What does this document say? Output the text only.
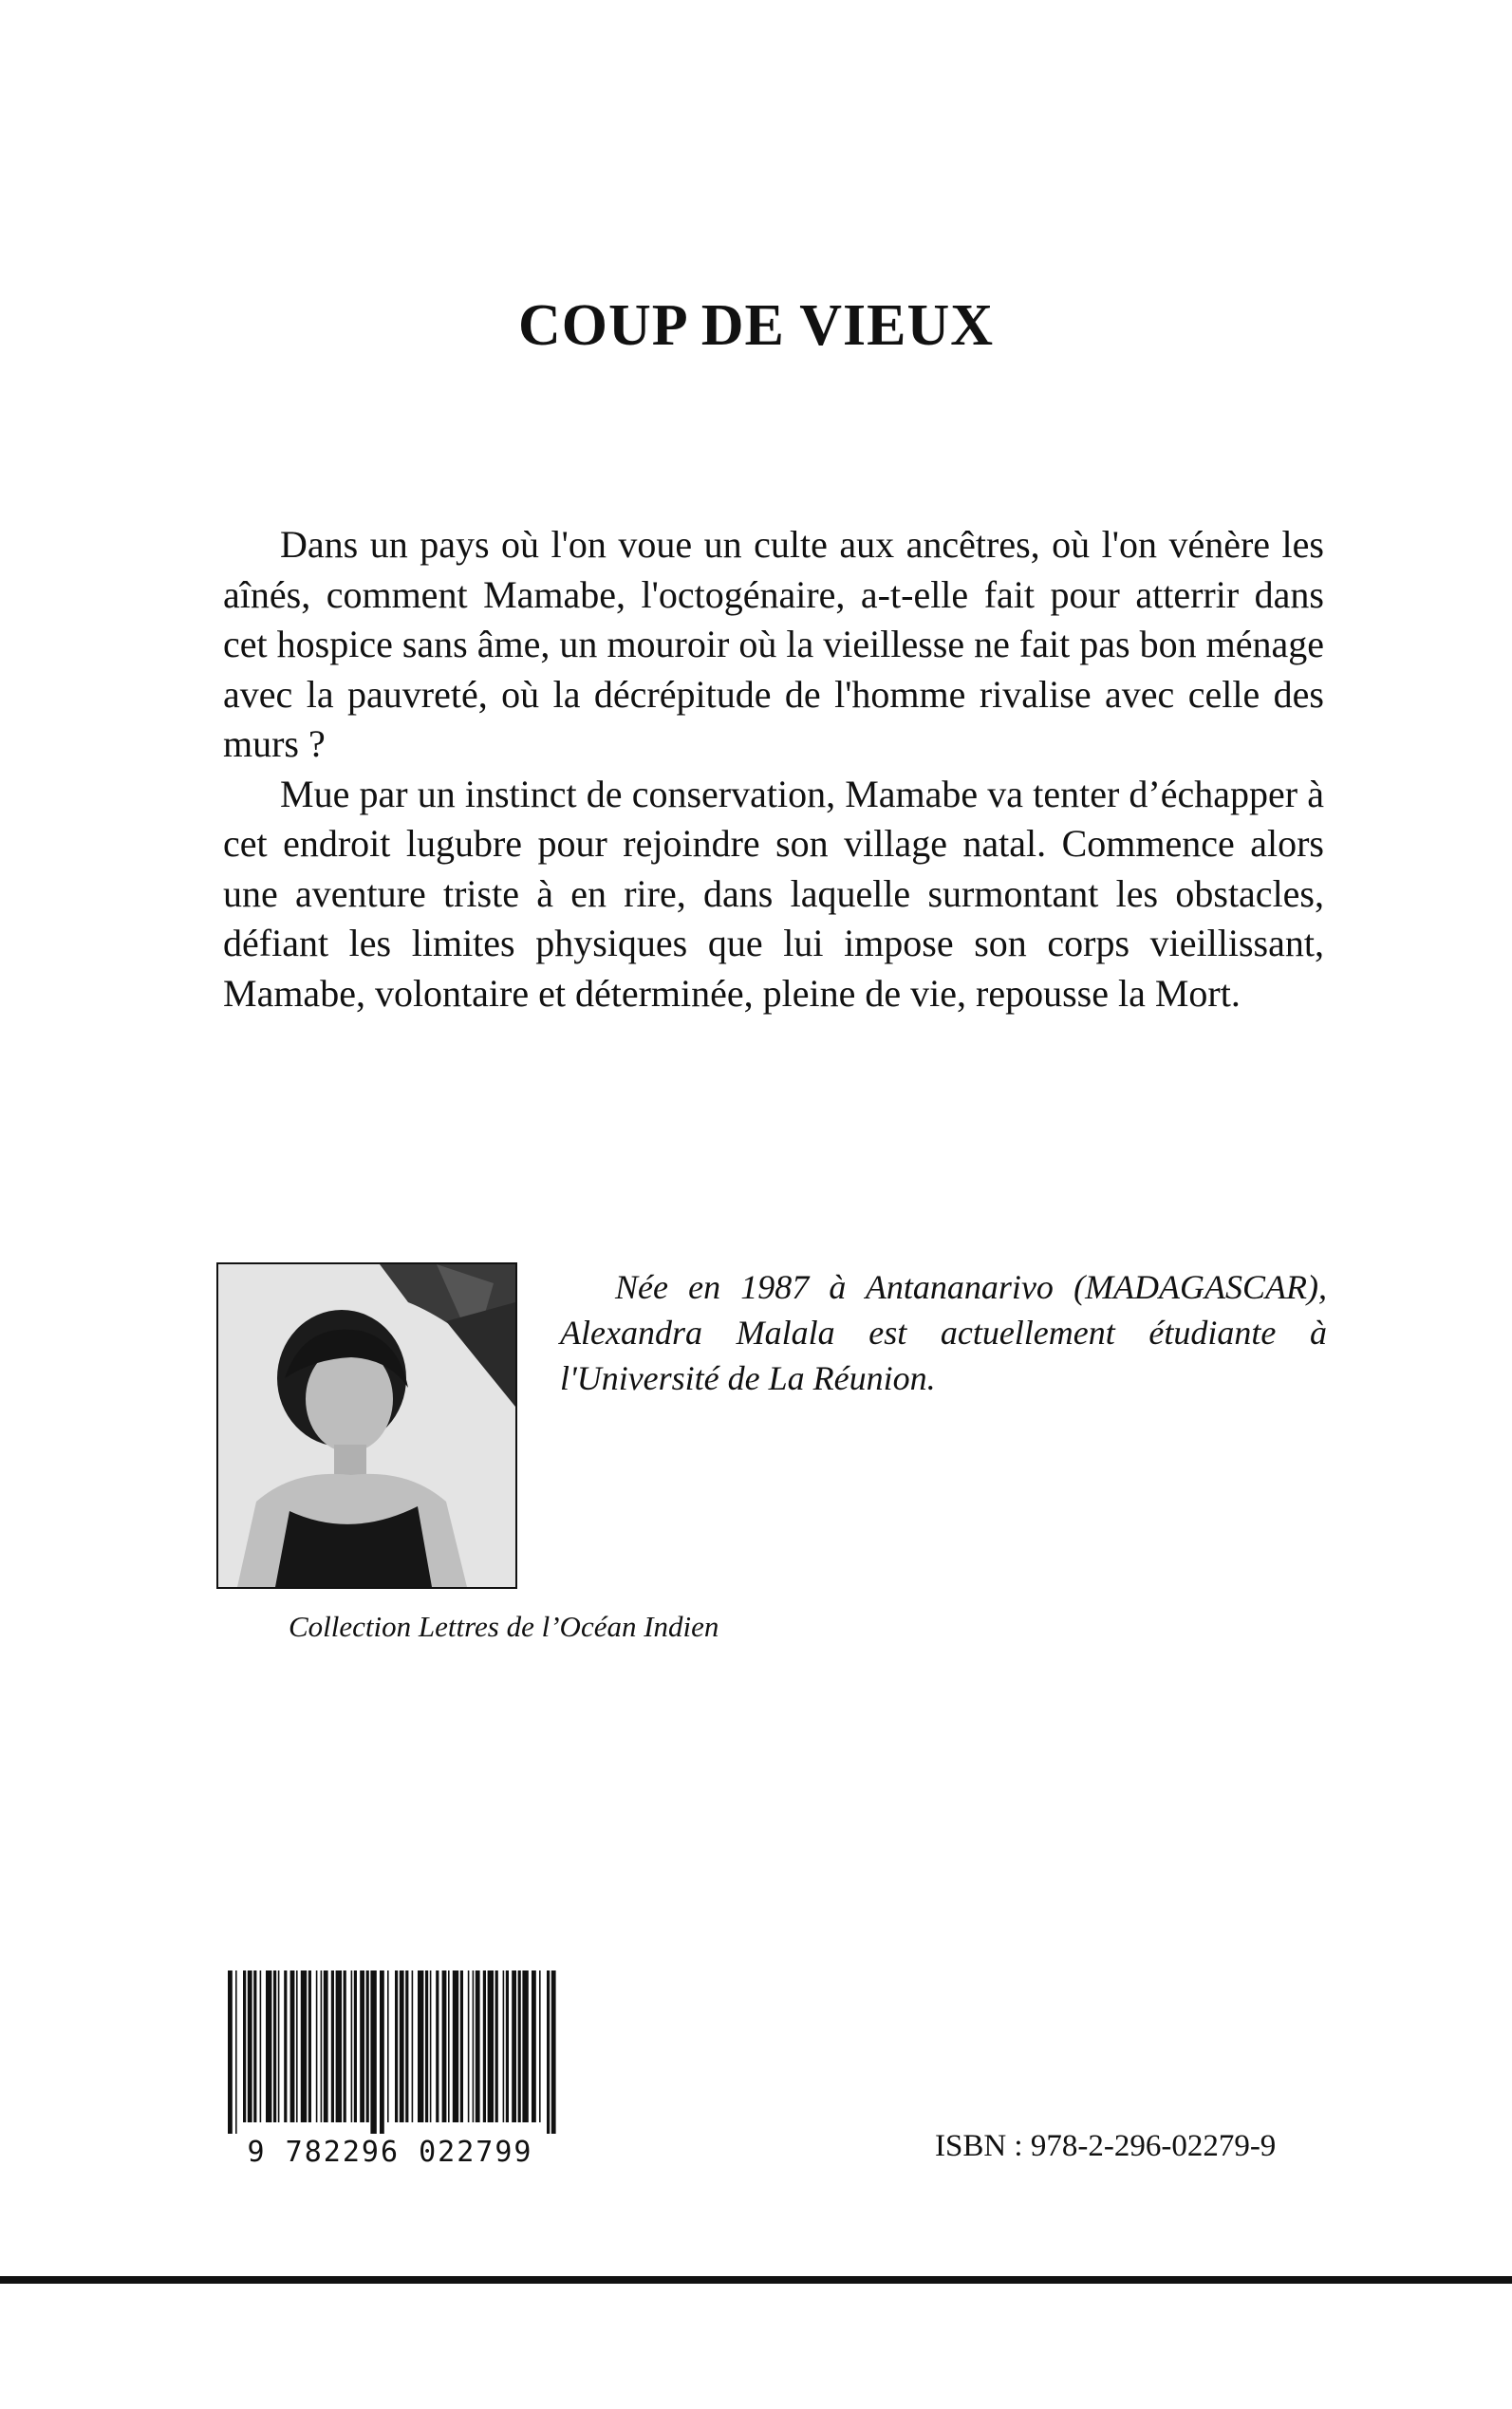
COUP DE VIEUX

Dans un pays où l'on voue un culte aux ancêtres, où l'on vénère les aînés, comment Mamabe, l'octogénaire, a-t-elle fait pour atterrir dans cet hospice sans âme, un mouroir où la vieillesse ne fait pas bon ménage avec la pauvreté, où la décrépitude de l'homme rivalise avec celle des murs ?

Mue par un instinct de conservation, Mamabe va tenter d’échapper à cet endroit lugubre pour rejoindre son village natal. Commence alors une aventure triste à en rire, dans laquelle surmontant les obstacles, défiant les limites physiques que lui impose son corps vieillissant, Mamabe, volontaire et déterminée, pleine de vie, repousse la Mort.

Née en 1987 à Antananarivo (MADAGASCAR), Alexandra Malala est actuellement étudiante à l'Université de La Réunion.

Collection Lettres de l’Océan Indien

9 782296 022799	ISBN : 978-2-296-02279-9
